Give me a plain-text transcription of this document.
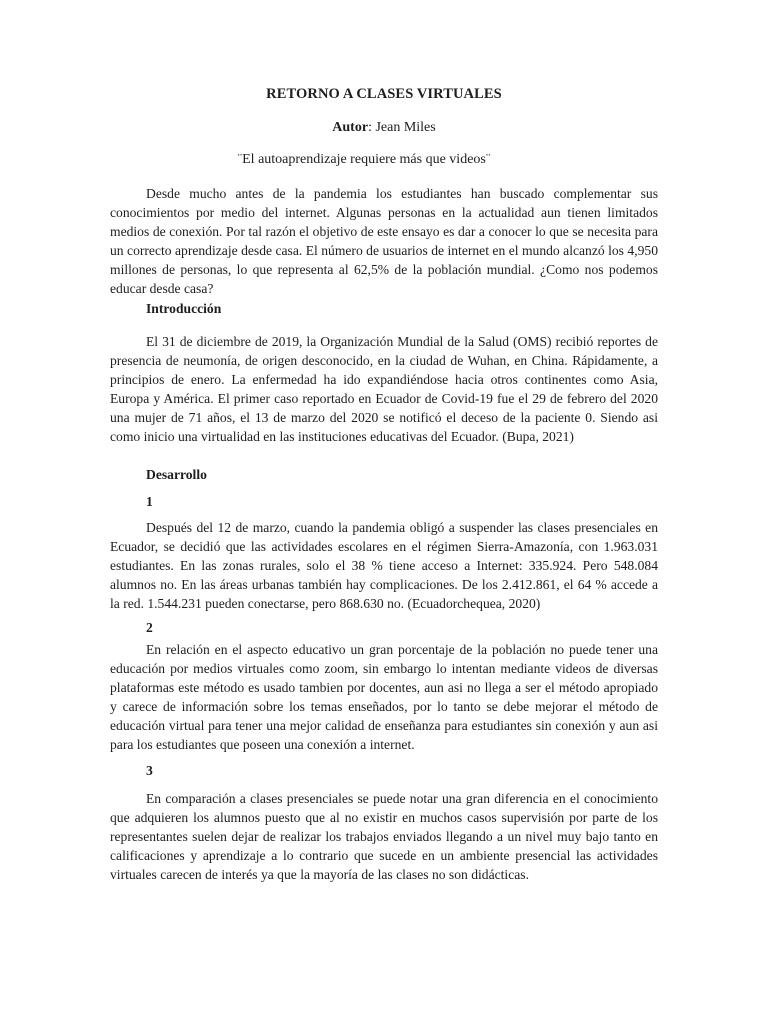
RETORNO A CLASES VIRTUALES
Autor: Jean Miles
¨El autoaprendizaje requiere más que videos¨

Desde mucho antes de la pandemia los estudiantes han buscado complementar sus conocimientos por medio del internet. Algunas personas en la actualidad aun tienen limitados medios de conexión. Por tal razón el objetivo de este ensayo es dar a conocer lo que se necesita para un correcto aprendizaje desde casa. El número de usuarios de internet en el mundo alcanzó los 4,950 millones de personas, lo que representa al 62,5% de la población mundial. ¿Como nos podemos educar desde casa?

Introducción

El 31 de diciembre de 2019, la Organización Mundial de la Salud (OMS) recibió reportes de presencia de neumonía, de origen desconocido, en la ciudad de Wuhan, en China. Rápidamente, a principios de enero. La enfermedad ha ido expandiéndose hacia otros continentes como Asia, Europa y América. El primer caso reportado en Ecuador de Covid-19 fue el 29 de febrero del 2020 una mujer de 71 años, el 13 de marzo del 2020 se notificó el deceso de la paciente 0. Siendo asi como inicio una virtualidad en las instituciones educativas del Ecuador. (Bupa, 2021)

Desarrollo
1

Después del 12 de marzo, cuando la pandemia obligó a suspender las clases presenciales en Ecuador, se decidió que las actividades escolares en el régimen Sierra-Amazonía, con 1.963.031 estudiantes. En las zonas rurales, solo el 38 % tiene acceso a Internet: 335.924. Pero 548.084 alumnos no. En las áreas urbanas también hay complicaciones. De los 2.412.861, el 64 % accede a la red. 1.544.231 pueden conectarse, pero 868.630 no. (Ecuadorchequea, 2020)

2

En relación en el aspecto educativo un gran porcentaje de la población no puede tener una educación por medios virtuales como zoom, sin embargo lo intentan mediante videos de diversas plataformas este método es usado tambien por docentes, aun asi no llega a ser el método apropiado y carece de información sobre los temas enseñados, por lo tanto se debe mejorar el método de educación virtual para tener una mejor calidad de enseñanza para estudiantes sin conexión y aun asi para los estudiantes que poseen una conexión a internet.

3

En comparación a clases presenciales se puede notar una gran diferencia en el conocimiento que adquieren los alumnos puesto que al no existir en muchos casos supervisión por parte de los representantes suelen dejar de realizar los trabajos enviados llegando a un nivel muy bajo tanto en calificaciones y aprendizaje a lo contrario que sucede en un ambiente presencial las actividades virtuales carecen de interés ya que la mayoría de las clases no son didácticas.
